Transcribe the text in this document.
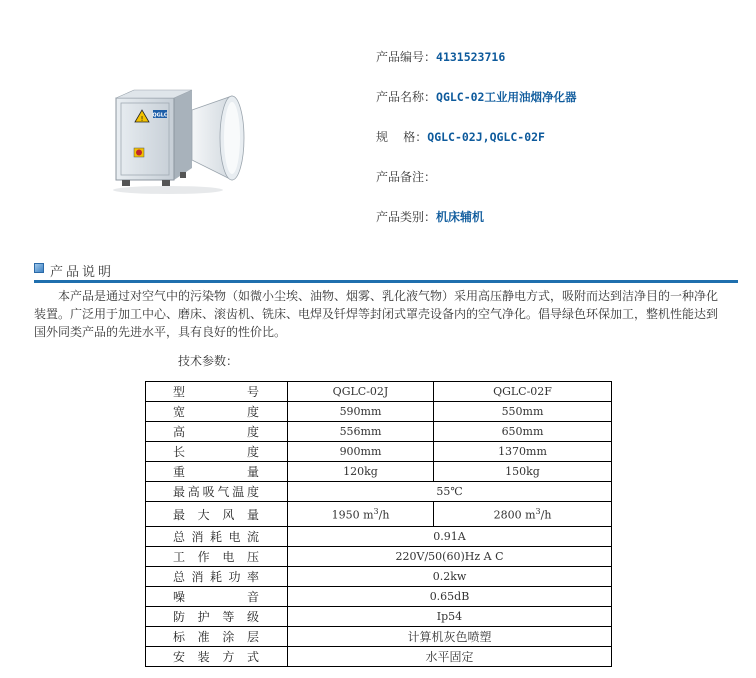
! QGLC
产品编号：4131523716
产品名称：QGLC-02工业用油烟净化器
规    格：QGLC-02J,QGLC-02F
产品备注：
产品类别：机床辅机
产品说明
本产品是通过对空气中的污染物（如微小尘埃、油物、烟雾、乳化液气物）采用高压静电方式，吸附而达到洁净目的一种净化装置。广泛用于加工中心、磨床、滚齿机、铣床、电焊及钎焊等封闭式罩壳设备内的空气净化。倡导绿色环保加工，整机性能达到国外同类产品的先进水平，具有良好的性价比。
技术参数：
型号	QGLC-02J	QGLC-02F
宽度	590mm	550mm
高度	556mm	650mm
长度	900mm	1370mm
重量	120kg	150kg
最高吸气温度	55℃	
最大风量	1950 $m^3/h$	2800 $m^3/h$
总消耗电流	0.91A	
工作电压	220V/50(60)Hz A C	
总消耗功率	0.2kw	
噪音	0.65dB	
防护等级	Ip54	
标准涂层	计算机灰色喷塑	
安装方式	水平固定	
